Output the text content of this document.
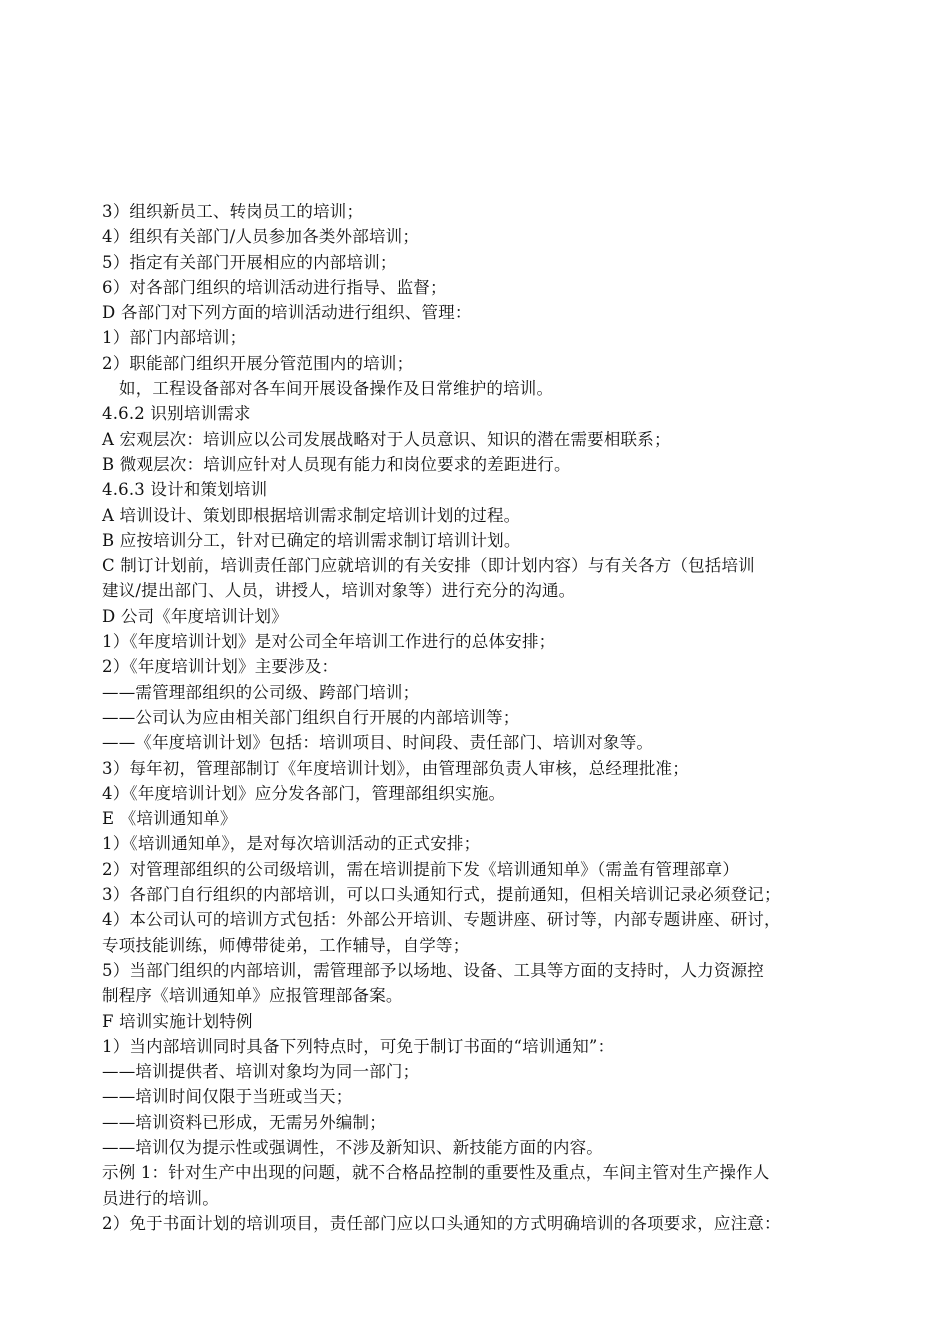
3）组织新员工、转岗员工的培训；
4）组织有关部门/人员参加各类外部培训；
5）指定有关部门开展相应的内部培训；
6）对各部门组织的培训活动进行指导、监督；
D 各部门对下列方面的培训活动进行组织、管理：
1）部门内部培训；
2）职能部门组织开展分管范围内的培训；
如，工程设备部对各车间开展设备操作及日常维护的培训。
4.6.2 识别培训需求
A 宏观层次：培训应以公司发展战略对于人员意识、知识的潜在需要相联系；
B 微观层次：培训应针对人员现有能力和岗位要求的差距进行。
4.6.3 设计和策划培训
A 培训设计、策划即根据培训需求制定培训计划的过程。
B 应按培训分工，针对已确定的培训需求制订培训计划。
C 制订计划前，培训责任部门应就培训的有关安排（即计划内容）与有关各方（包括培训
建议/提出部门、人员，讲授人，培训对象等）进行充分的沟通。
D 公司《年度培训计划》
1）《年度培训计划》是对公司全年培训工作进行的总体安排；
2）《年度培训计划》主要涉及：
——需管理部组织的公司级、跨部门培训；
——公司认为应由相关部门组织自行开展的内部培训等；
——《年度培训计划》包括：培训项目、时间段、责任部门、培训对象等。
3）每年初，管理部制订《年度培训计划》，由管理部负责人审核，总经理批准；
4）《年度培训计划》应分发各部门，管理部组织实施。
E 《培训通知单》
1）《培训通知单》，是对每次培训活动的正式安排；
2）对管理部组织的公司级培训，需在培训提前下发《培训通知单》（需盖有管理部章）
3）各部门自行组织的内部培训，可以口头通知行式，提前通知，但相关培训记录必须登记；
4）本公司认可的培训方式包括：外部公开培训、专题讲座、研讨等，内部专题讲座、研讨，
专项技能训练，师傅带徒弟，工作辅导，自学等；
5）当部门组织的内部培训，需管理部予以场地、设备、工具等方面的支持时，人力资源控
制程序《培训通知单》应报管理部备案。
F 培训实施计划特例
1）当内部培训同时具备下列特点时，可免于制订书面的“培训通知”：
——培训提供者、培训对象均为同一部门；
——培训时间仅限于当班或当天；
——培训资料已形成，无需另外编制；
——培训仅为提示性或强调性，不涉及新知识、新技能方面的内容。
示例 1：针对生产中出现的问题，就不合格品控制的重要性及重点，车间主管对生产操作人
员进行的培训。
2）免于书面计划的培训项目，责任部门应以口头通知的方式明确培训的各项要求，应注意：
